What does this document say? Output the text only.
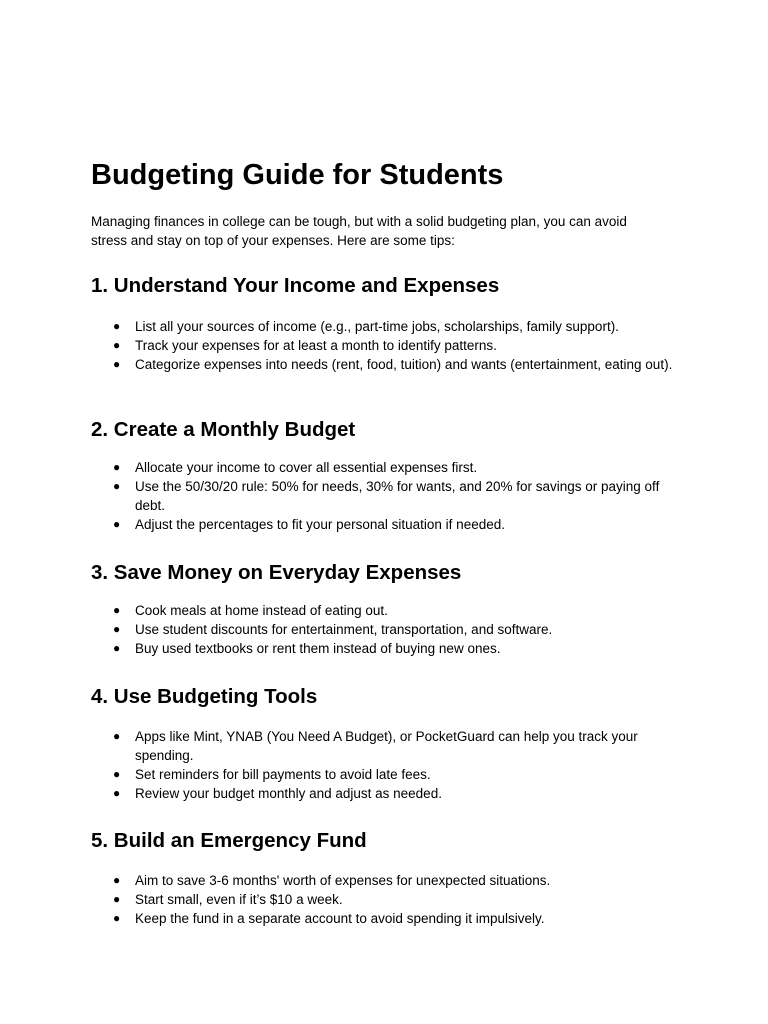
Budgeting Guide for Students

Managing finances in college can be tough, but with a solid budgeting plan, you can avoid stress and stay on top of your expenses. Here are some tips:

1. Understand Your Income and Expenses
● List all your sources of income (e.g., part-time jobs, scholarships, family support).
● Track your expenses for at least a month to identify patterns.
● Categorize expenses into needs (rent, food, tuition) and wants (entertainment, eating out).
2. Create a Monthly Budget
● Allocate your income to cover all essential expenses first.
● Use the 50/30/20 rule: 50% for needs, 30% for wants, and 20% for savings or paying off debt.
● Adjust the percentages to fit your personal situation if needed.
3. Save Money on Everyday Expenses
● Cook meals at home instead of eating out.
● Use student discounts for entertainment, transportation, and software.
● Buy used textbooks or rent them instead of buying new ones.
4. Use Budgeting Tools
● Apps like Mint, YNAB (You Need A Budget), or PocketGuard can help you track your spending.
● Set reminders for bill payments to avoid late fees.
● Review your budget monthly and adjust as needed.
5. Build an Emergency Fund
● Aim to save 3-6 months' worth of expenses for unexpected situations.
● Start small, even if it’s $10 a week.
● Keep the fund in a separate account to avoid spending it impulsively.
